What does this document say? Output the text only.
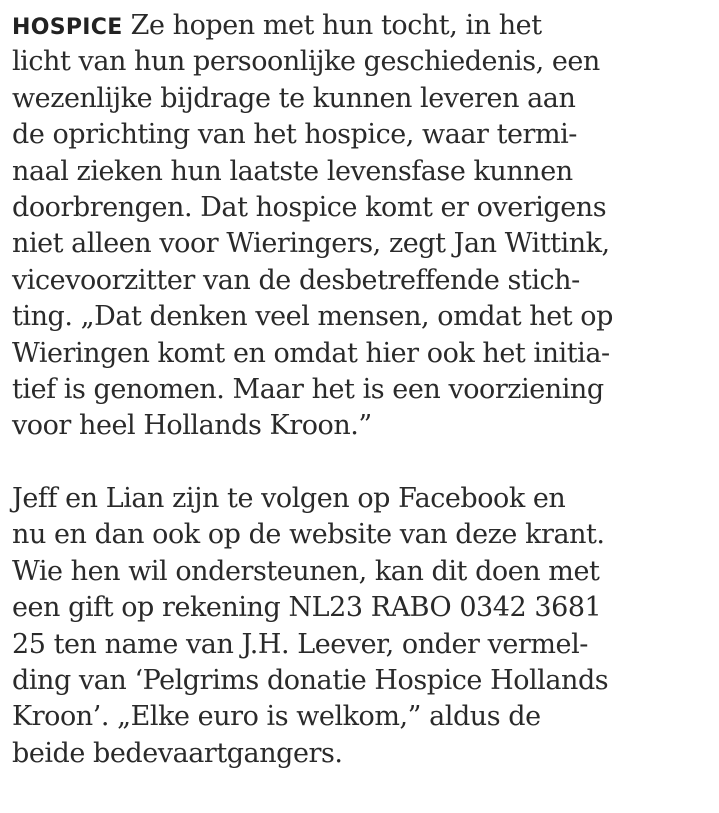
HOSPICE Ze hopen met hun tocht, in het
licht van hun persoonlijke geschiedenis, een
wezenlijke bijdrage te kunnen leveren aan
de oprichting van het hospice, waar termi-
naal zieken hun laatste levensfase kunnen
doorbrengen. Dat hospice komt er overigens
niet alleen voor Wieringers, zegt Jan Wittink,
vicevoorzitter van de desbetreffende stich-
ting. „Dat denken veel mensen, omdat het op
Wieringen komt en omdat hier ook het initia-
tief is genomen. Maar het is een voorziening
voor heel Hollands Kroon.”
Jeff en Lian zijn te volgen op Facebook en
nu en dan ook op de website van deze krant.
Wie hen wil ondersteunen, kan dit doen met
een gift op rekening NL23 RABO 0342 3681
25 ten name van J.H. Leever, onder vermel-
ding van ‘Pelgrims donatie Hospice Hollands
Kroon’. „Elke euro is welkom,” aldus de
beide bedevaartgangers.
